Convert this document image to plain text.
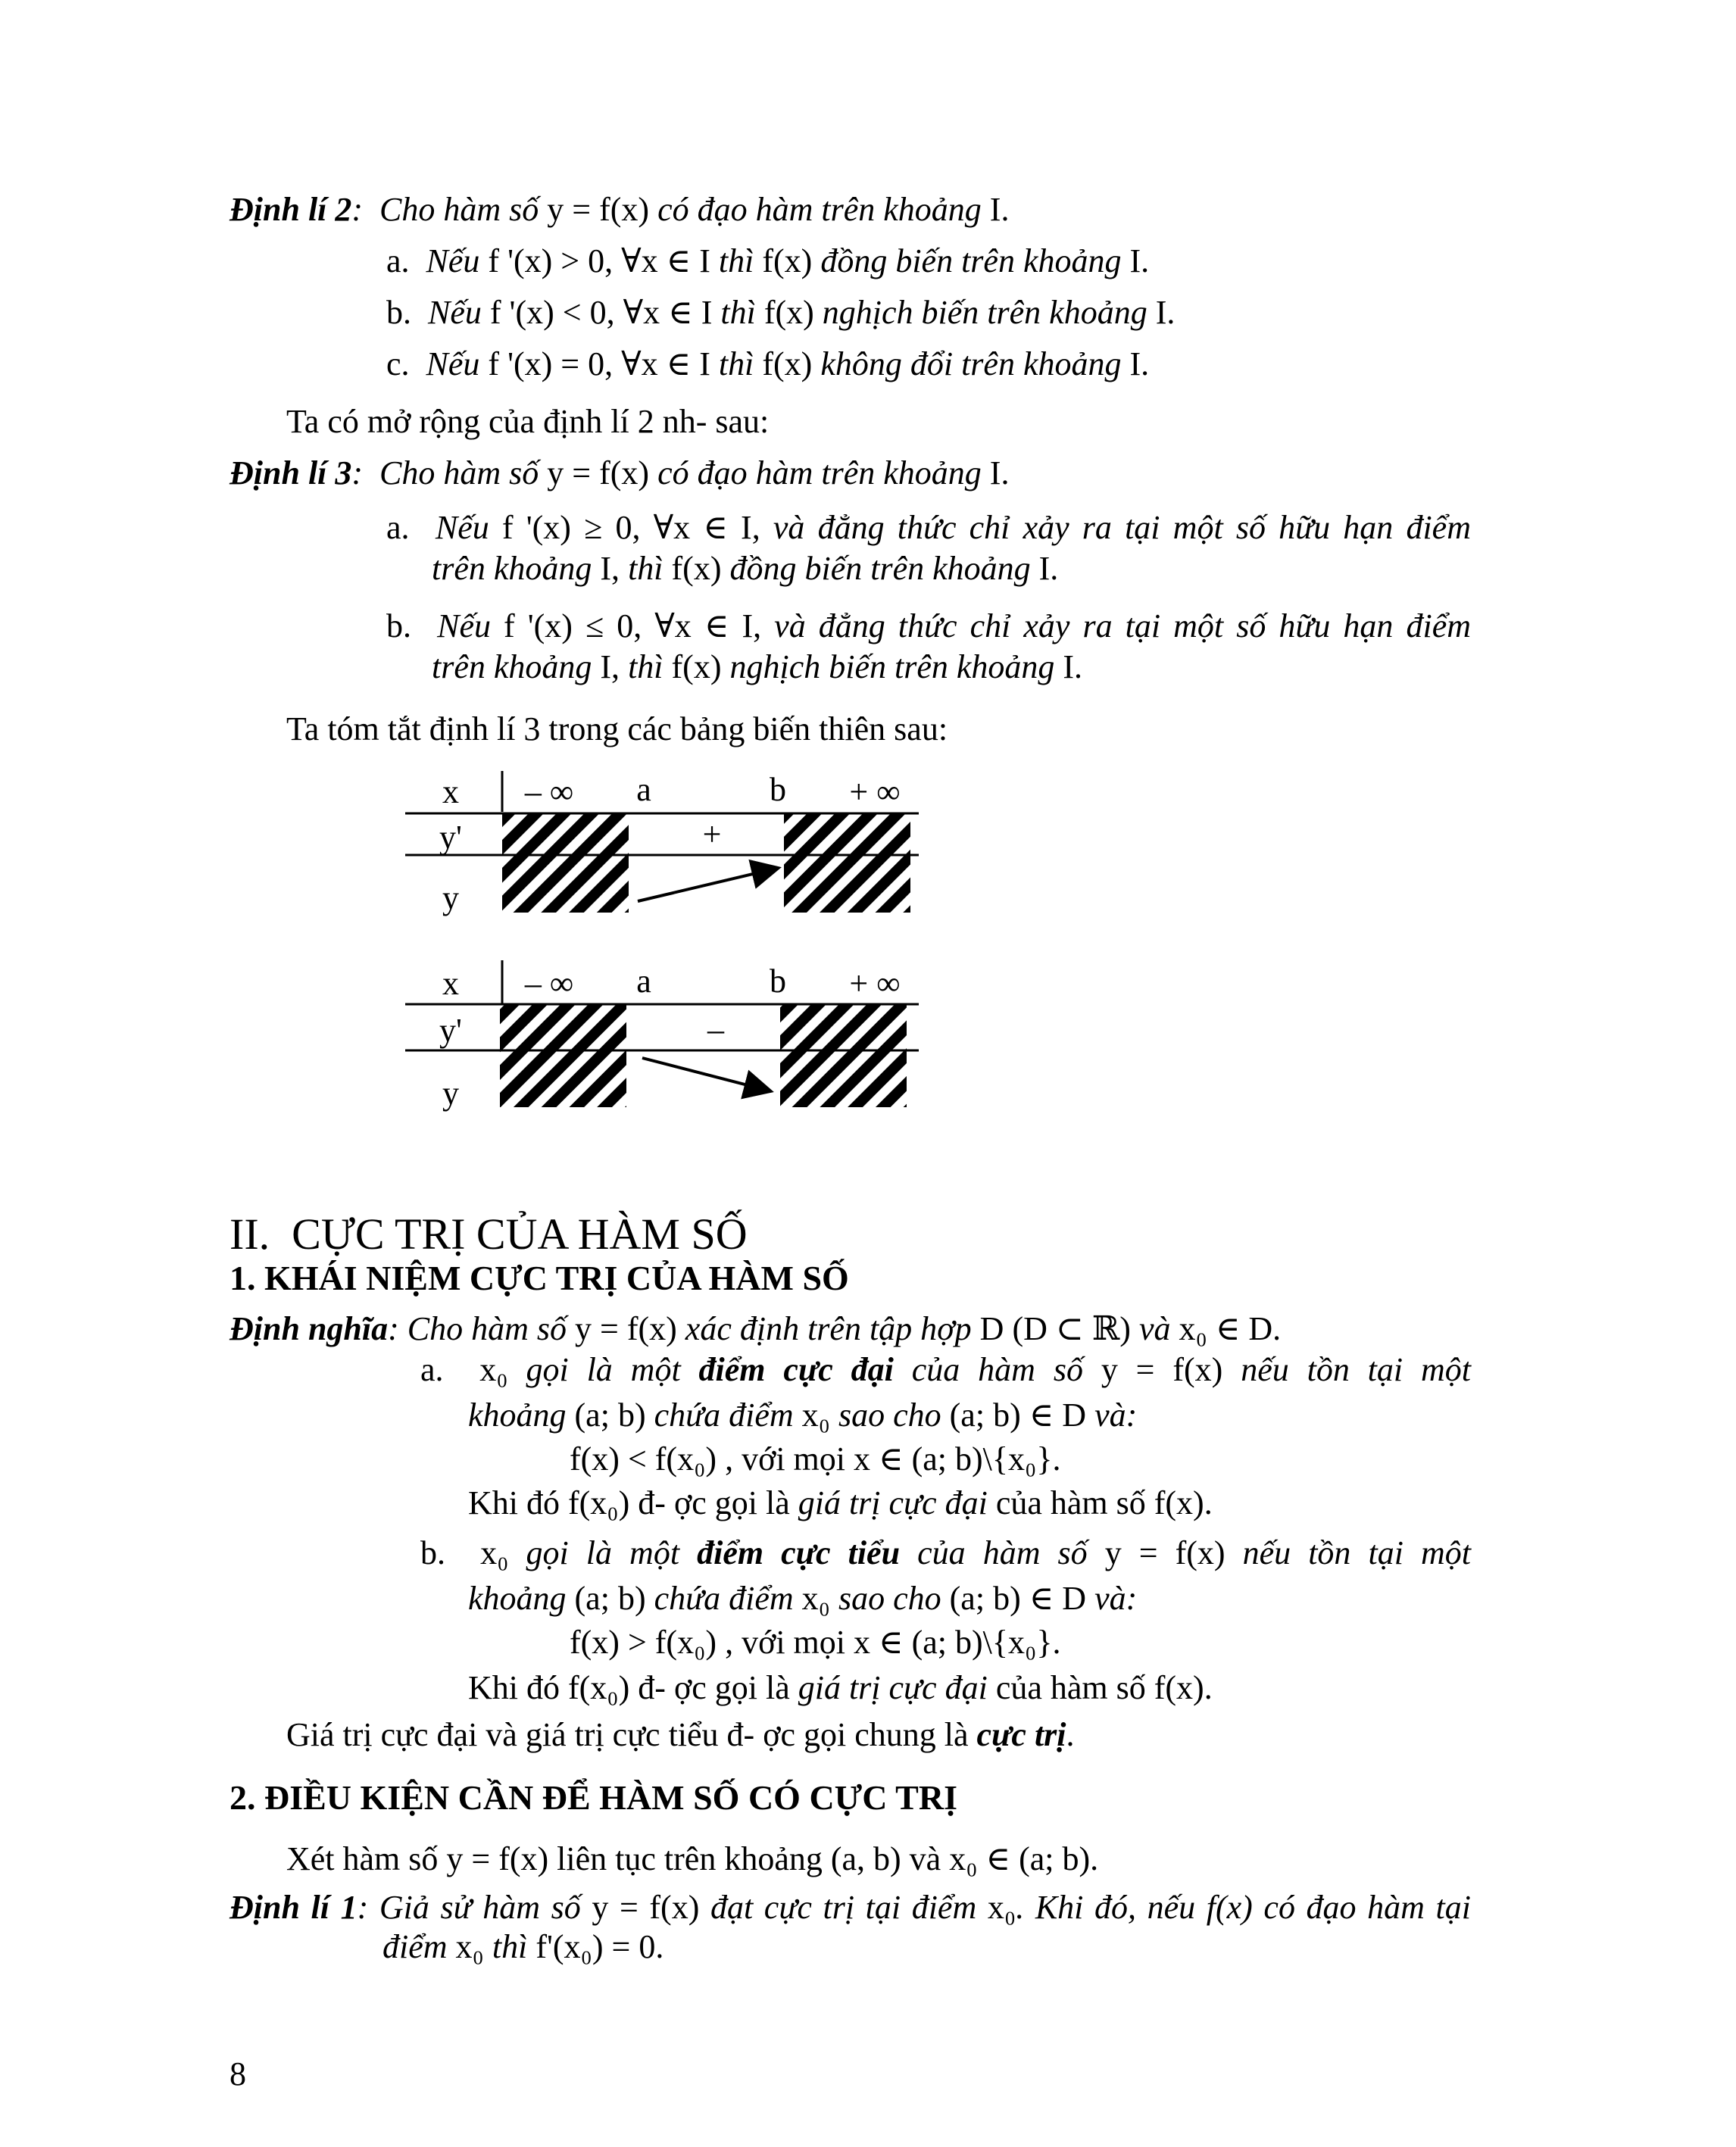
Định lí 2:  Cho hàm số y = f(x) có đạo hàm trên khoảng I.
a. Nếu f '(x) > 0, ∀x ∈ I thì f(x) đồng biến trên khoảng I.
b. Nếu f '(x) < 0, ∀x ∈ I thì f(x) nghịch biến trên khoảng I.
c. Nếu f '(x) = 0, ∀x ∈ I thì f(x) không đổi trên khoảng I.
Ta có mở rộng của định lí 2 nh- sau:
Định lí 3:  Cho hàm số y = f(x) có đạo hàm trên khoảng I.
a. Nếu f '(x) ≥ 0, ∀x ∈ I, và đẳng thức chỉ xảy ra tại một số hữu hạn điểm
trên khoảng I, thì f(x) đồng biến trên khoảng I.
b. Nếu f '(x) ≤ 0, ∀x ∈ I, và đẳng thức chỉ xảy ra tại một số hữu hạn điểm
trên khoảng I, thì f(x) nghịch biến trên khoảng I.
Ta tóm tắt định lí 3 trong các bảng biến thiên sau:
x
y'
y
– ∞ a	b + ∞
+
x
y'
y
– ∞ a	b + ∞
–
II. CỰC TRỊ CỦA HÀM SỐ
1. KHÁI NIỆM CỰC TRỊ CỦA HÀM SỐ
Định nghĩa: Cho hàm số y = f(x) xác định trên tập hợp D (D ⊂ ℝ) và x₀ ∈ D.
a. x₀ gọi là một điểm cực đại của hàm số y = f(x) nếu tồn tại một
khoảng (a; b) chứa điểm x₀ sao cho (a; b) ∈ D và:
f(x) < f(x₀) , với mọi x ∈ (a; b)\{x₀}.
Khi đó f(x₀) đ- ợc gọi là giá trị cực đại của hàm số f(x).
b. x₀ gọi là một điểm cực tiểu của hàm số y = f(x) nếu tồn tại một
khoảng (a; b) chứa điểm x₀ sao cho (a; b) ∈ D và:
f(x) > f(x₀) , với mọi x ∈ (a; b)\{x₀}.
Khi đó f(x₀) đ- ợc gọi là giá trị cực đại của hàm số f(x).
Giá trị cực đại và giá trị cực tiểu đ- ợc gọi chung là cực trị.
2. ĐIỀU KIỆN CẦN ĐỂ HÀM SỐ CÓ CỰC TRỊ
Xét hàm số y = f(x) liên tục trên khoảng (a, b) và x₀ ∈ (a; b).
Định lí 1: Giả sử hàm số y = f(x) đạt cực trị tại điểm x₀. Khi đó, nếu f(x) có đạo hàm tại
điểm x₀ thì f'(x₀) = 0.
8
